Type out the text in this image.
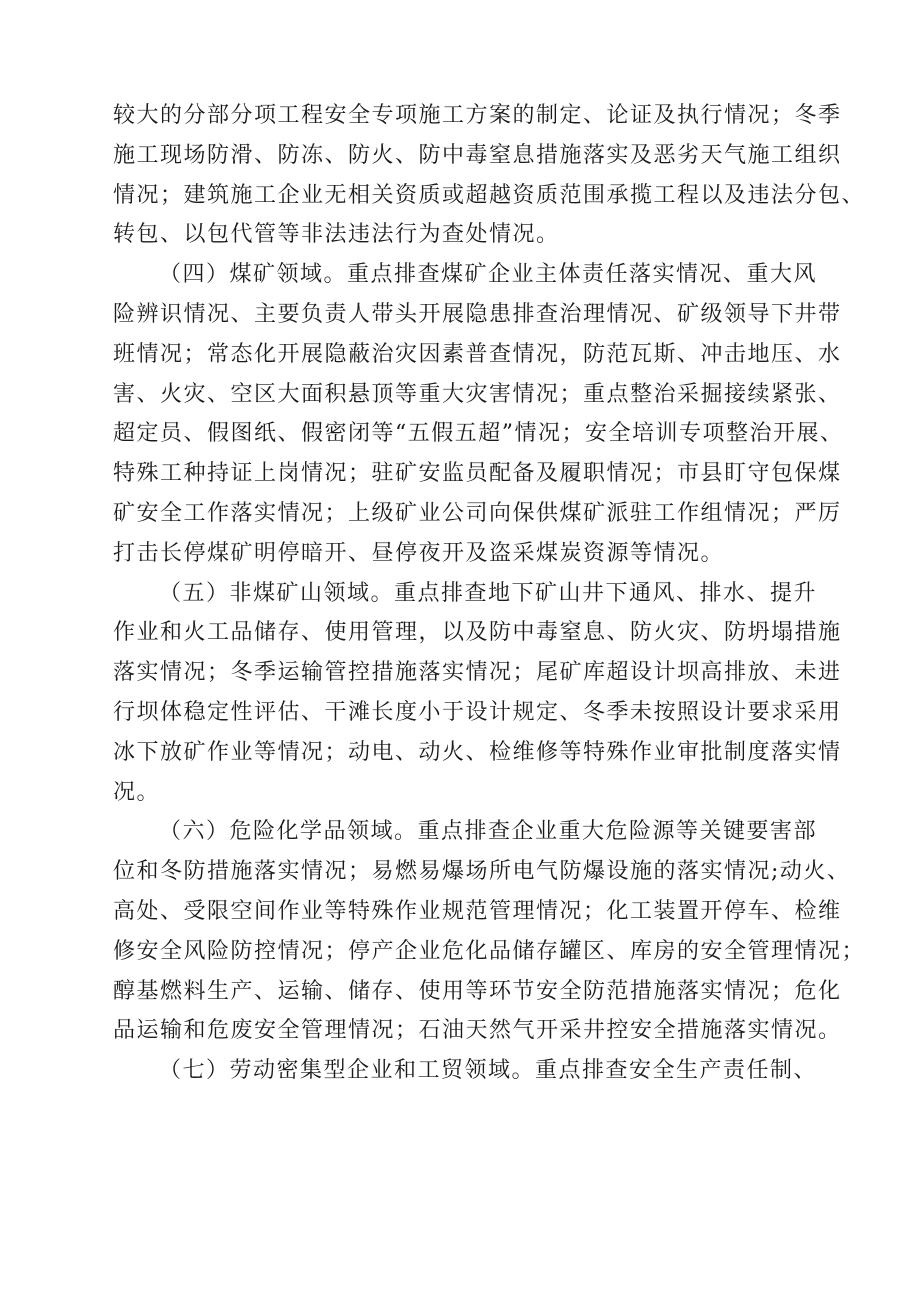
较大的分部分项工程安全专项施工方案的制定、论证及执行情况；冬季
施工现场防滑、防冻、防火、防中毒窒息措施落实及恶劣天气施工组织
情况；建筑施工企业无相关资质或超越资质范围承揽工程以及违法分包、
转包、以包代管等非法违法行为查处情况。
（四）煤矿领域。重点排查煤矿企业主体责任落实情况、重大风
险辨识情况、主要负责人带头开展隐患排查治理情况、矿级领导下井带
班情况；常态化开展隐蔽治灾因素普查情况，防范瓦斯、冲击地压、水
害、火灾、空区大面积悬顶等重大灾害情况；重点整治采掘接续紧张、
超定员、假图纸、假密闭等“五假五超”情况；安全培训专项整治开展、
特殊工种持证上岗情况；驻矿安监员配备及履职情况；市县盯守包保煤
矿安全工作落实情况；上级矿业公司向保供煤矿派驻工作组情况；严厉
打击长停煤矿明停暗开、昼停夜开及盗采煤炭资源等情况。
（五）非煤矿山领域。重点排查地下矿山井下通风、排水、提升
作业和火工品储存、使用管理，以及防中毒窒息、防火灾、防坍塌措施
落实情况；冬季运输管控措施落实情况；尾矿库超设计坝高排放、未进
行坝体稳定性评估、干滩长度小于设计规定、冬季未按照设计要求采用
冰下放矿作业等情况；动电、动火、检维修等特殊作业审批制度落实情
况。
（六）危险化学品领域。重点排查企业重大危险源等关键要害部
位和冬防措施落实情况；易燃易爆场所电气防爆设施的落实情况;动火、
高处、受限空间作业等特殊作业规范管理情况；化工装置开停车、检维
修安全风险防控情况；停产企业危化品储存罐区、库房的安全管理情况；
醇基燃料生产、运输、储存、使用等环节安全防范措施落实情况；危化
品运输和危废安全管理情况；石油天然气开采井控安全措施落实情况。
（七）劳动密集型企业和工贸领域。重点排查安全生产责任制、
